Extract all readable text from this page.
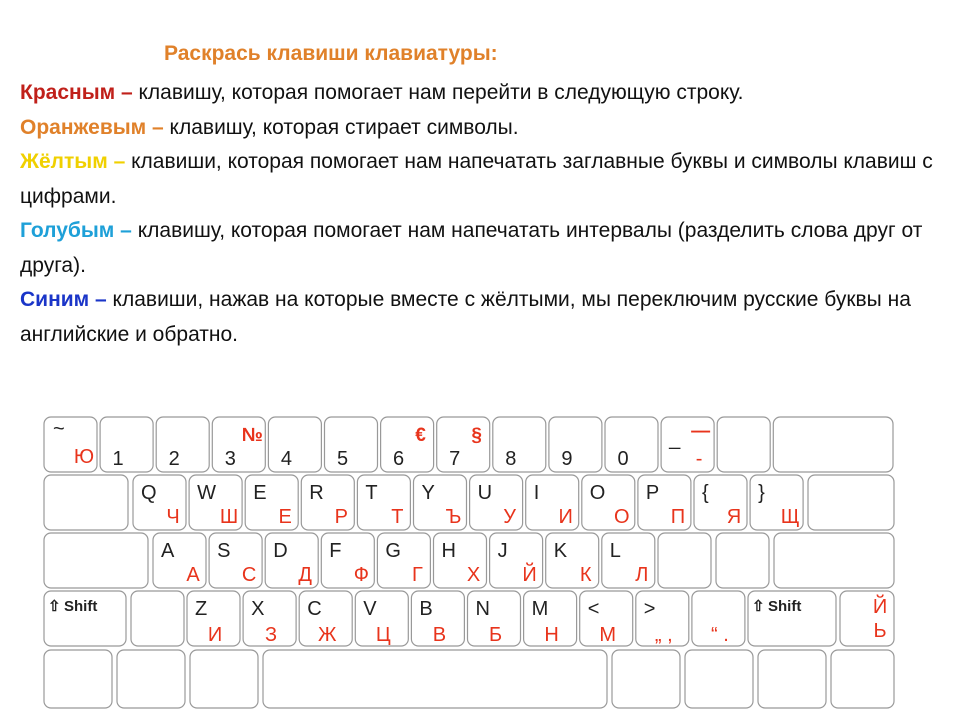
Раскрась клавиши клавиатуры:

Красным – клавишу, которая помогает нам перейти в следующую строку.

Оранжевым – клавишу, которая стирает символы.

Жёлтым – клавиши, которая помогает нам напечатать заглавные буквы и символы клавиш с цифрами.

Голубым – клавишу, которая помогает нам напечатать интервалы (разделить слова друг от друга).

Синим – клавиши, нажав на которые вместе с жёлтыми, мы переключим русские буквы на английские и обратно.

~
Ю 1 2 3
№
4 5 6
€
7
§
8 9 0
_ —
-
Q
Ч
W
Ш
E
Е
R
Р
T
Т
Y
Ъ
U
У
I
И
O
О
P
П
{
Я
}
Щ
A
А
S
С
D
Д
F
Ф
G
Г
H
Х
J
Й
K
К
L
Л
⇧ Shift	Z
И
X
З
C
Ж
V
Ц
B
В
N
Б
M
Н
<
М
>
„ , “ .
⇧ Shift	Й
Ь
